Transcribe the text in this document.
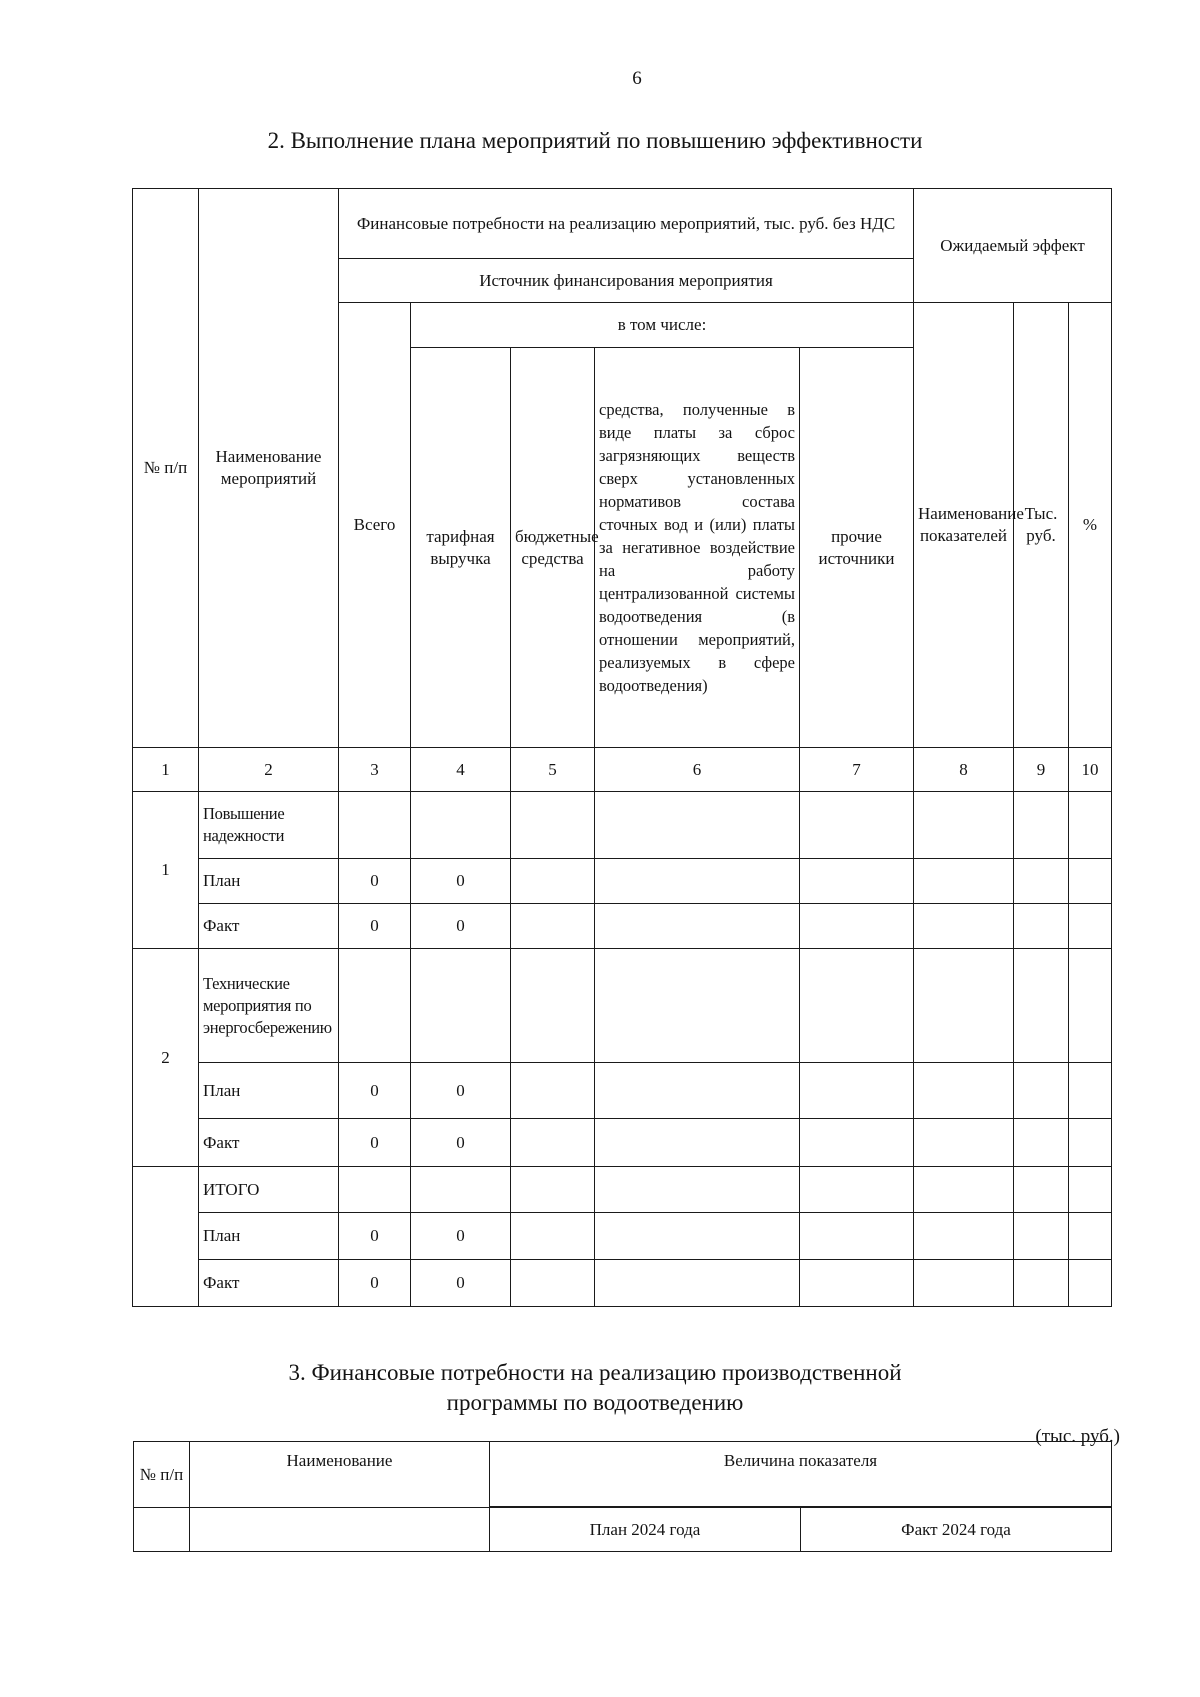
6
2. Выполнение плана мероприятий по повышению эффективности
№ п/п	Наименование мероприятий	Финансовые потребности на реализацию мероприятий, тыс. руб. без НДС					Ожидаемый эффект		
		Источник финансирования мероприятия							
		Всего	в том числе:				Наименование показателей	Тыс. руб.	%
			тарифная выручка	бюджетные средства	средства, полученные в виде платы за сброс загрязняющих веществ сверх установленных нормативов состава сточных вод и (или) платы за негативное воздействие на работу централизованной системы водоотведения (в отношении мероприятий, реализуемых в сфере водоотведения)	прочие источники			
1	2	3	4	5	6	7	8	9	10
1	Повышение надежности								
	План	0	0						
	Факт	0	0						
2	Технические мероприятия по энергосбережению								
	План	0	0						
	Факт	0	0						
	ИТОГО								
	План	0	0						
	Факт	0	0						
3. Финансовые потребности на реализацию производственной
программы по водоотведению
(тыс. руб.)
№ п/п	Наименование	Величина показателя	

		План 2024 года	Факт 2024 года
